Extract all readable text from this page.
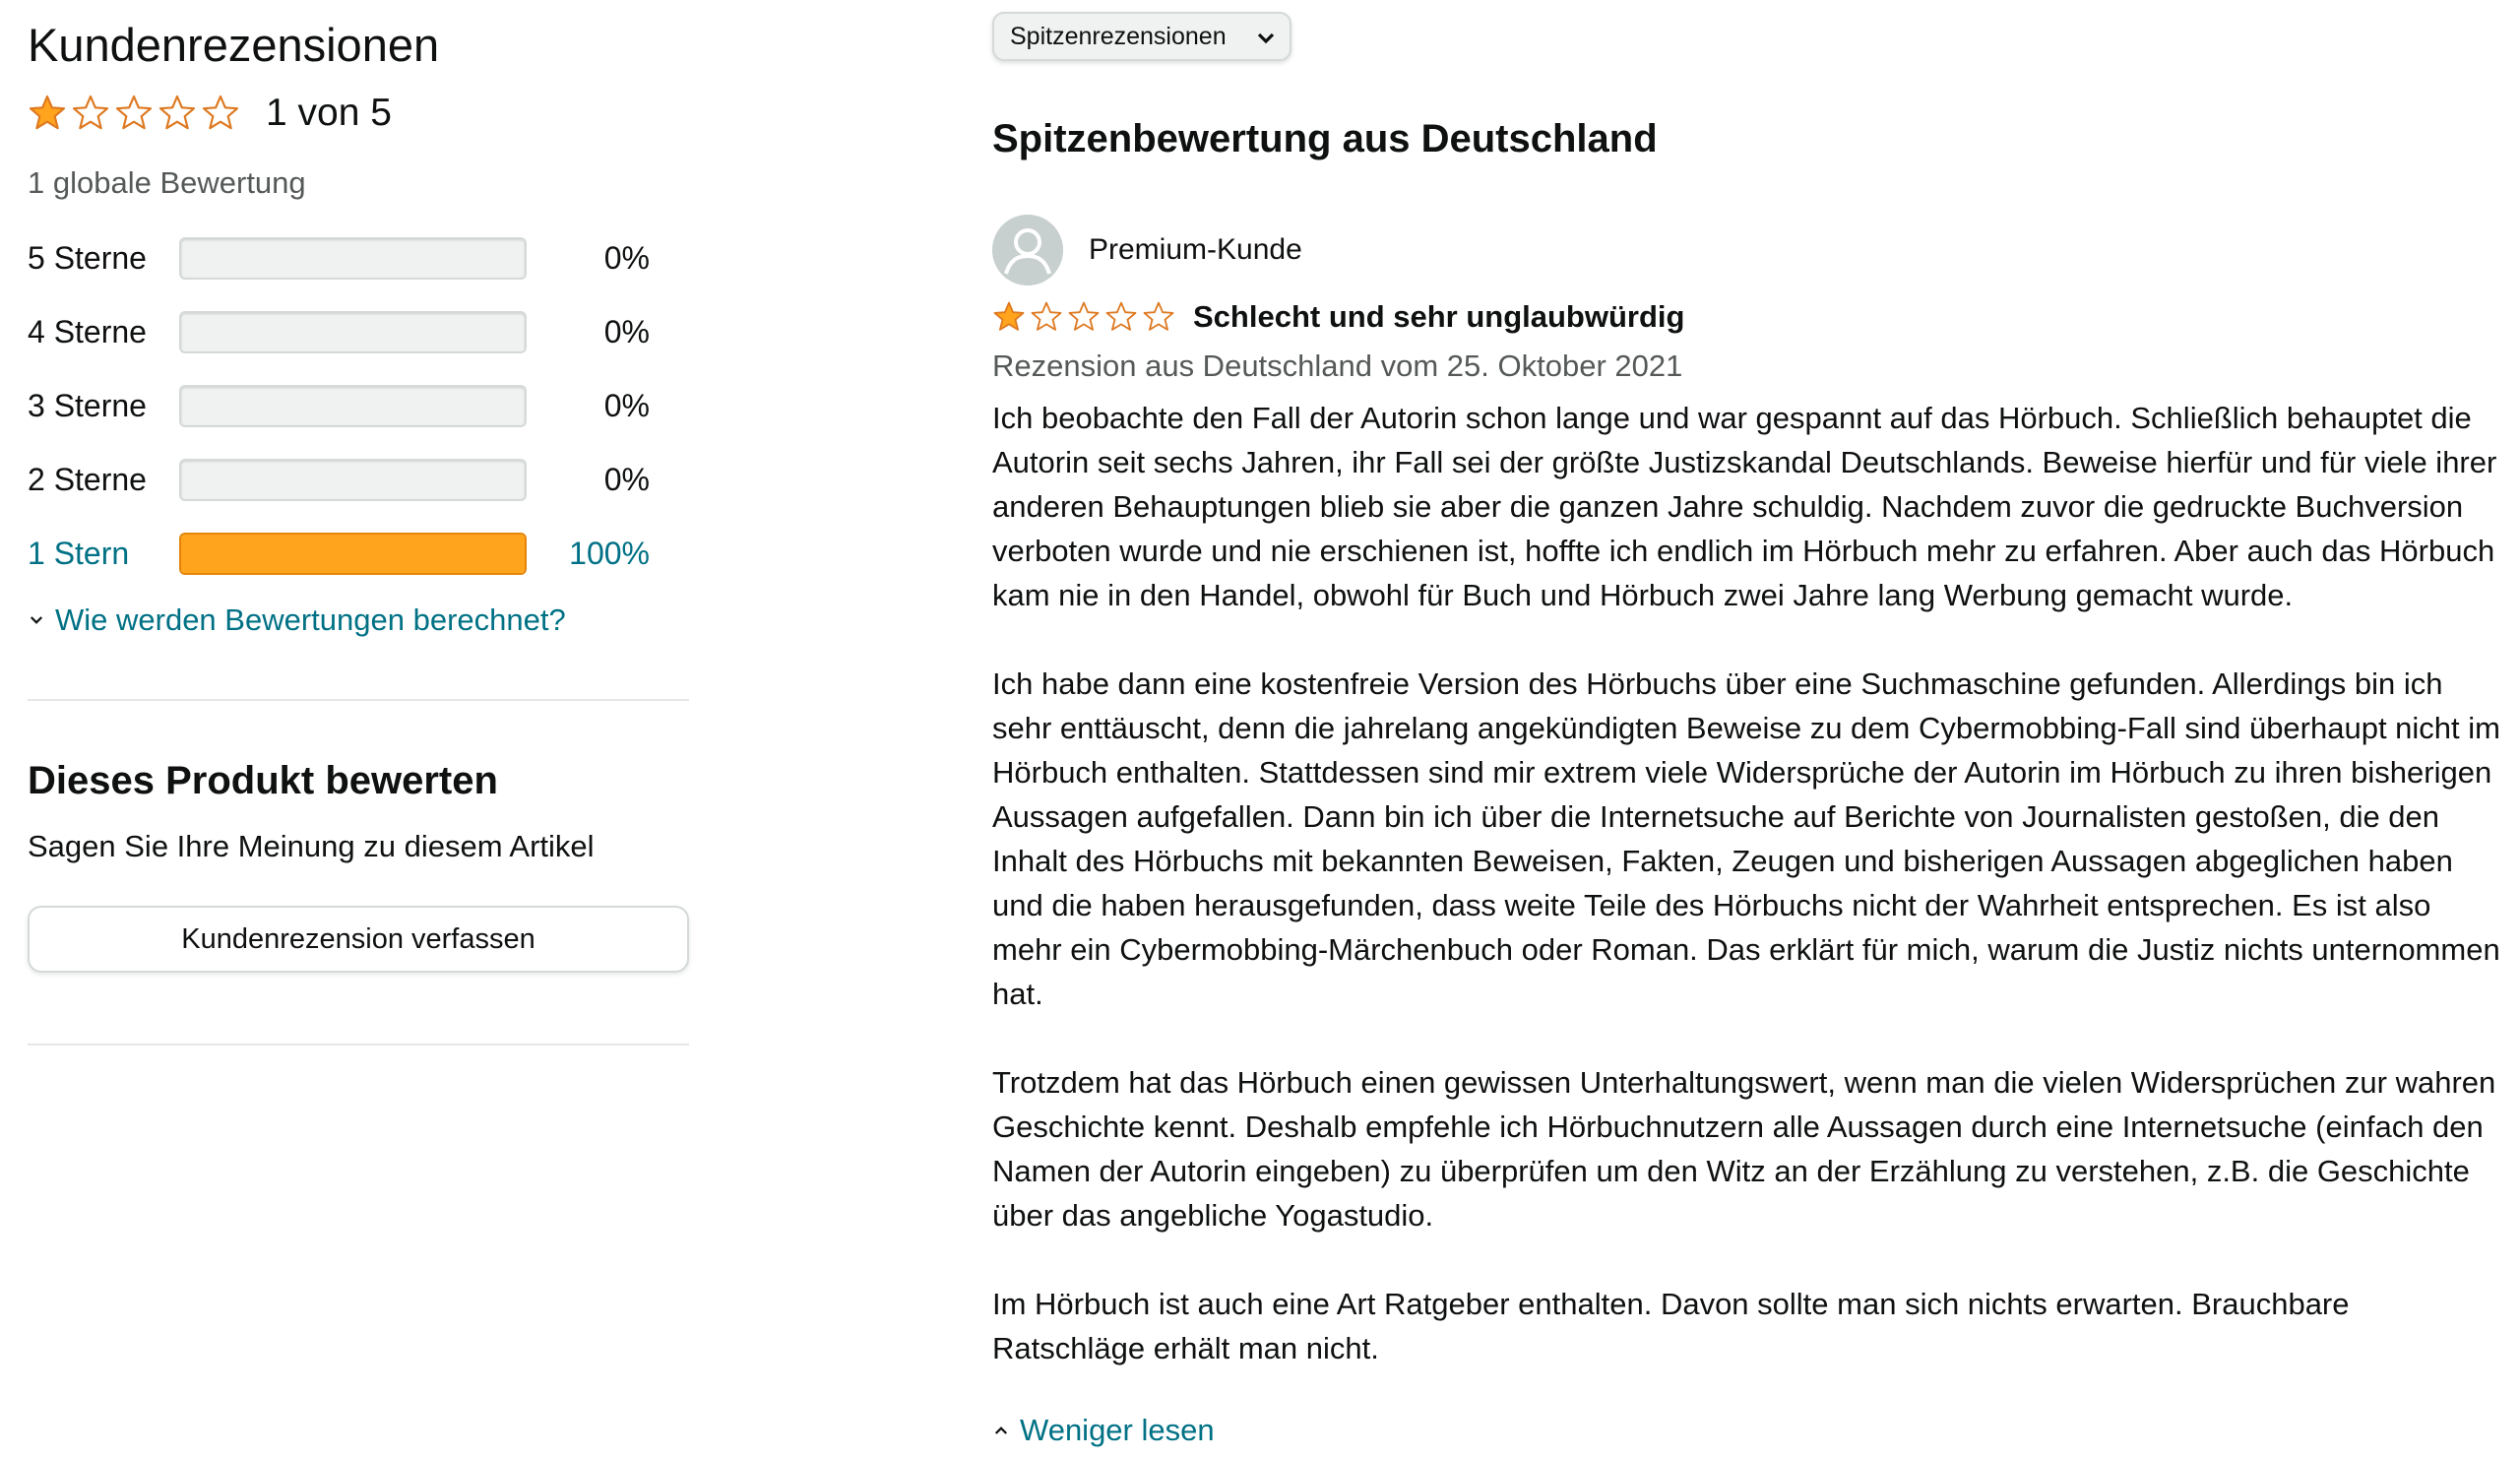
Kundenrezensionen
1 von 5
1 globale Bewertung
5 Sterne	0%
4 Sterne	0%
3 Sterne	0%
2 Sterne	0%
1 Stern	100%
Wie werden Bewertungen berechnet?
Dieses Produkt bewerten
Sagen Sie Ihre Meinung zu diesem Artikel
Kundenrezension verfassen
Spitzenrezensionen
Spitzenbewertung aus Deutschland
Premium-Kunde
Schlecht und sehr unglaubwürdig
Rezension aus Deutschland vom 25. Oktober 2021

Ich beobachte den Fall der Autorin schon lange und war gespannt auf das Hörbuch. Schließlich behauptet die Autorin seit sechs Jahren, ihr Fall sei der größte Justizskandal Deutschlands. Beweise hierfür und für viele ihrer anderen Behauptungen blieb sie aber die ganzen Jahre schuldig. Nachdem zuvor die gedruckte Buchversion verboten wurde und nie erschienen ist, hoffte ich endlich im Hörbuch mehr zu erfahren. Aber auch das Hörbuch kam nie in den Handel, obwohl für Buch und Hörbuch zwei Jahre lang Werbung gemacht wurde.

Ich habe dann eine kostenfreie Version des Hörbuchs über eine Suchmaschine gefunden. Allerdings bin ich sehr enttäuscht, denn die jahrelang angekündigten Beweise zu dem Cybermobbing-Fall sind überhaupt nicht im Hörbuch enthalten. Stattdessen sind mir extrem viele Widersprüche der Autorin im Hörbuch zu ihren bisherigen Aussagen aufgefallen. Dann bin ich über die Internetsuche auf Berichte von Journalisten gestoßen, die den Inhalt des Hörbuchs mit bekannten Beweisen, Fakten, Zeugen und bisherigen Aussagen abgeglichen haben und die haben herausgefunden, dass weite Teile des Hörbuchs nicht der Wahrheit entsprechen. Es ist also mehr ein Cybermobbing-Märchenbuch oder Roman. Das erklärt für mich, warum die Justiz nichts unternommen hat.

Trotzdem hat das Hörbuch einen gewissen Unterhaltungswert, wenn man die vielen Widersprüchen zur wahren Geschichte kennt. Deshalb empfehle ich Hörbuchnutzern alle Aussagen durch eine Internetsuche (einfach den Namen der Autorin eingeben) zu überprüfen um den Witz an der Erzählung zu verstehen, z.B. die Geschichte über das angebliche Yogastudio.

Im Hörbuch ist auch eine Art Ratgeber enthalten. Davon sollte man sich nichts erwarten. Brauchbare Ratschläge erhält man nicht.

Weniger lesen
